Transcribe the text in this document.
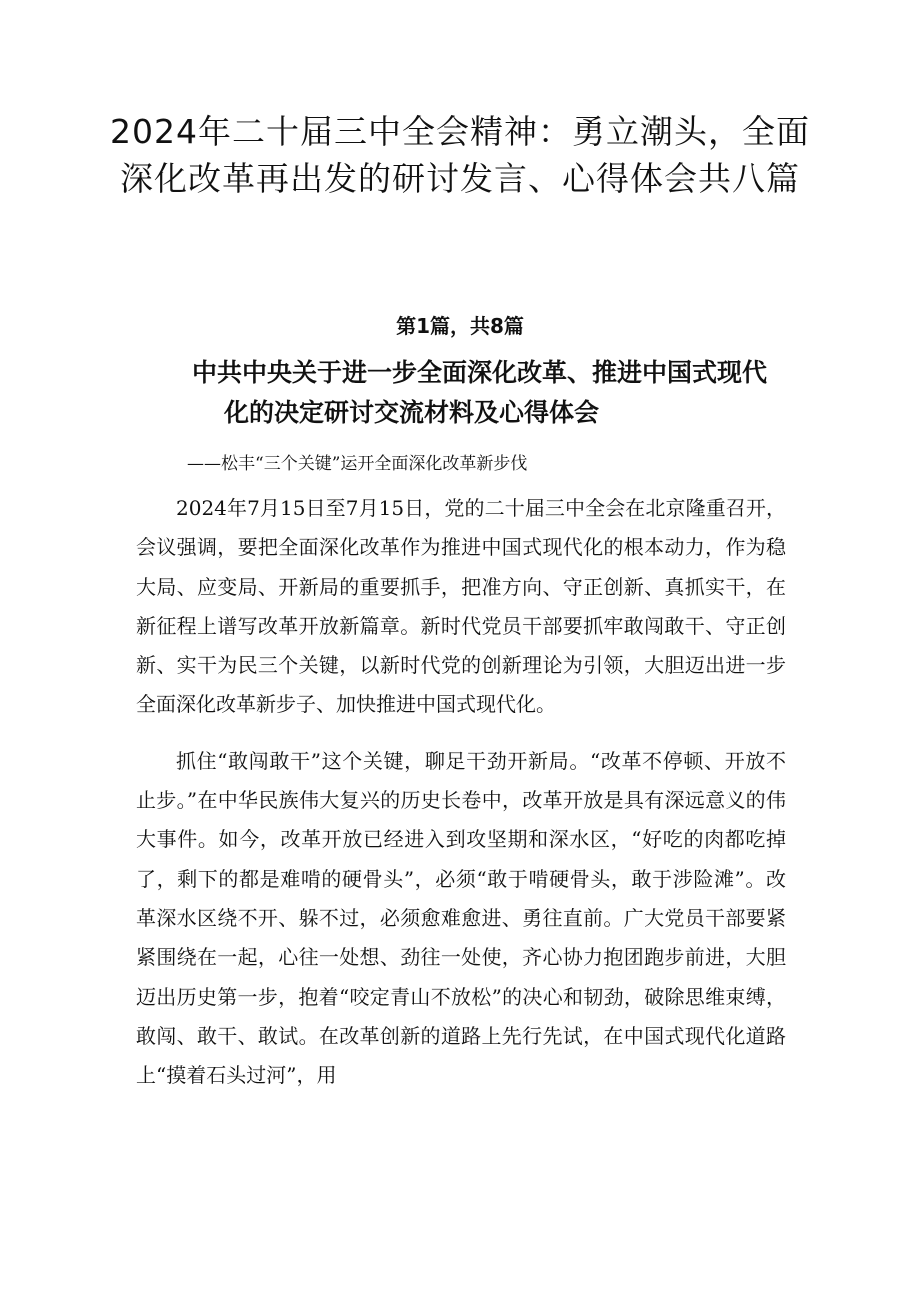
2024年二十届三中全会精神：勇立潮头，全面深化改革再出发的研讨发言、心得体会共八篇
第1篇，共8篇
中共中央关于进一步全面深化改革、推进中国式现代
化的决定研讨交流材料及心得体会
——松丰“三个关键”运开全面深化改革新步伐

2024年7月15日至7月15日，党的二十届三中全会在北京隆重召开，会议强调，要把全面深化改革作为推进中国式现代化的根本动力，作为稳大局、应变局、开新局的重要抓手，把准方向、守正创新、真抓实干，在新征程上谱写改革开放新篇章。新时代党员干部要抓牢敢闯敢干、守正创新、实干为民三个关键，以新时代党的创新理论为引领，大胆迈出进一步全面深化改革新步子、加快推进中国式现代化。

抓住“敢闯敢干”这个关键，聊足干劲开新局。“改革不停顿、开放不止步。”在中华民族伟大复兴的历史长卷中，改革开放是具有深远意义的伟大事件。如今，改革开放已经进入到攻坚期和深水区，“好吃的肉都吃掉了，剩下的都是难啃的硬骨头”，必须“敢于啃硬骨头，敢于涉险滩”。改革深水区绕不开、躲不过，必须愈难愈进、勇往直前。广大党员干部要紧紧围绕在一起，心往一处想、劲往一处使，齐心协力抱团跑步前进，大胆迈出历史第一步，抱着“咬定青山不放松”的决心和韧劲，破除思维束缚，敢闯、敢干、敢试。在改革创新的道路上先行先试，在中国式现代化道路上“摸着石头过河”，用
